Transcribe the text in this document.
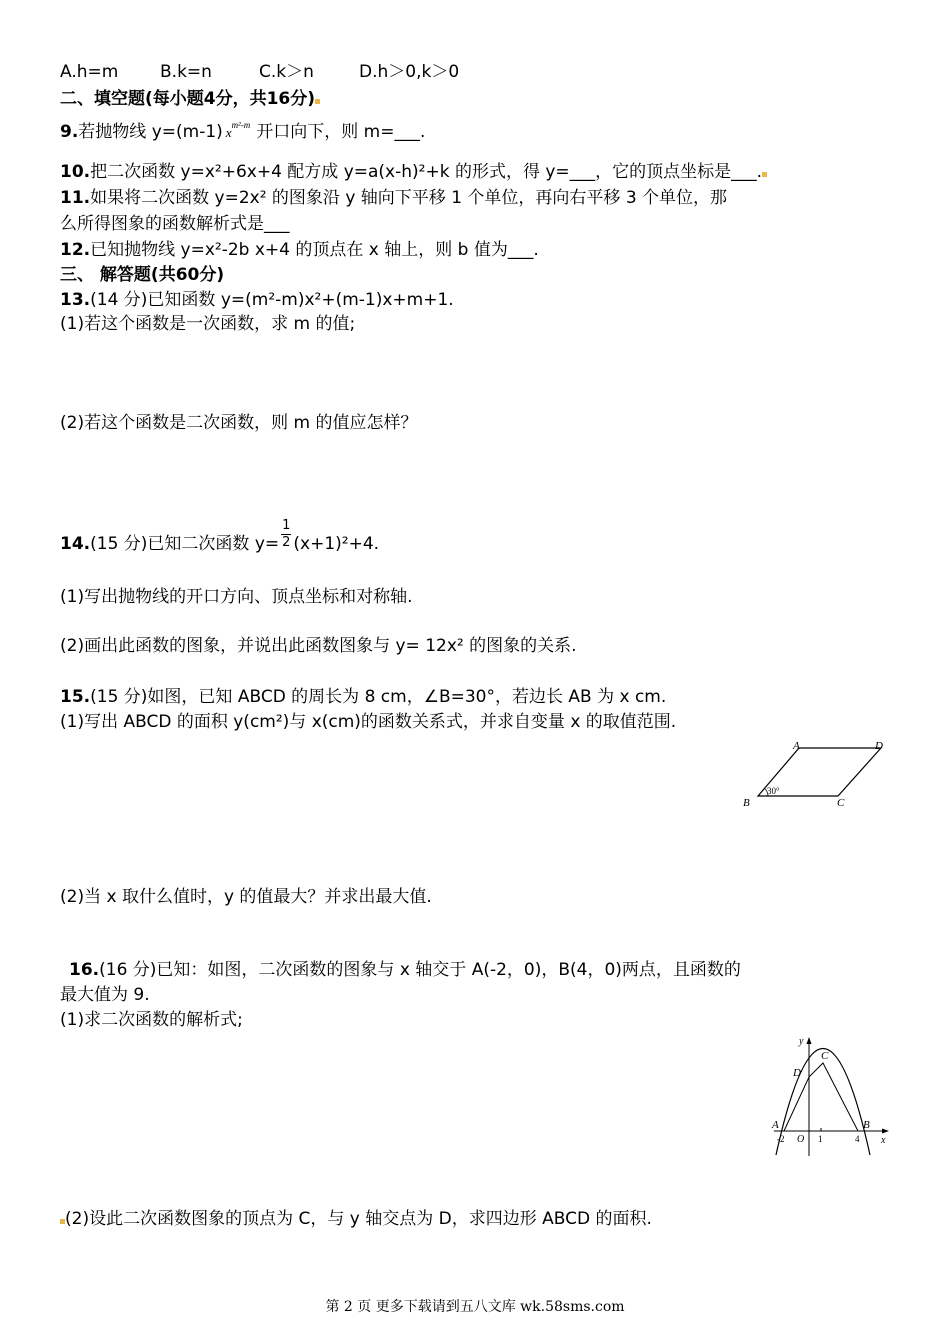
A.h=m B.k=n	C.k＞n	D.h＞0,k＞0
二、填空题(每小题4分，共16分)
9.若抛物线 y=(m-1) $x^{m^2-m}$ 开口向下，则 m=___.
10.把二次函数 y=x²+6x+4 配方成 y=a(x-h)²+k 的形式，得 y=___，它的顶点坐标是___.
11.如果将二次函数 y=2x² 的图象沿 y 轴向下平移 1 个单位，再向右平移 3 个单位，那
么所得图象的函数解析式是___
12.已知抛物线 y=x²-2b x+4 的顶点在 x 轴上，则 b 值为___.
三、 解答题(共60分)
13.(14 分)已知函数 y=(m²-m)x²+(m-1)x+m+1.
(1)若这个函数是一次函数，求 m 的值;
(2)若这个函数是二次函数，则 m 的值应怎样？
14.(15 分)已知二次函数 $y= \frac{1}{2} (x+1)^2+4$.
(1)写出抛物线的开口方向、顶点坐标和对称轴.
(2)画出此函数的图象，并说出此函数图象与 y= 12x² 的图象的关系.
15.(15 分)如图，已知 ABCD 的周长为 8 cm，∠B=30°，若边长 AB 为 x cm.
(1)写出 ABCD 的面积 y(cm²)与 x(cm)的函数关系式，并求自变量 x 的取值范围.
A	D
B	C
30°
(2)当 x 取什么值时，y 的值最大？并求出最大值.
16.(16 分)已知：如图，二次函数的图象与 x 轴交于 A(-2，0)，B(4，0)两点，且函数的
最大值为 9.
(1)求二次函数的解析式;
y
x
C
D
A	B
-2 O 1	4
(2)设此二次函数图象的顶点为 C，与 y 轴交点为 D，求四边形 ABCD 的面积.
第 2 页 更多下载请到五八文库 wk.58sms.com
